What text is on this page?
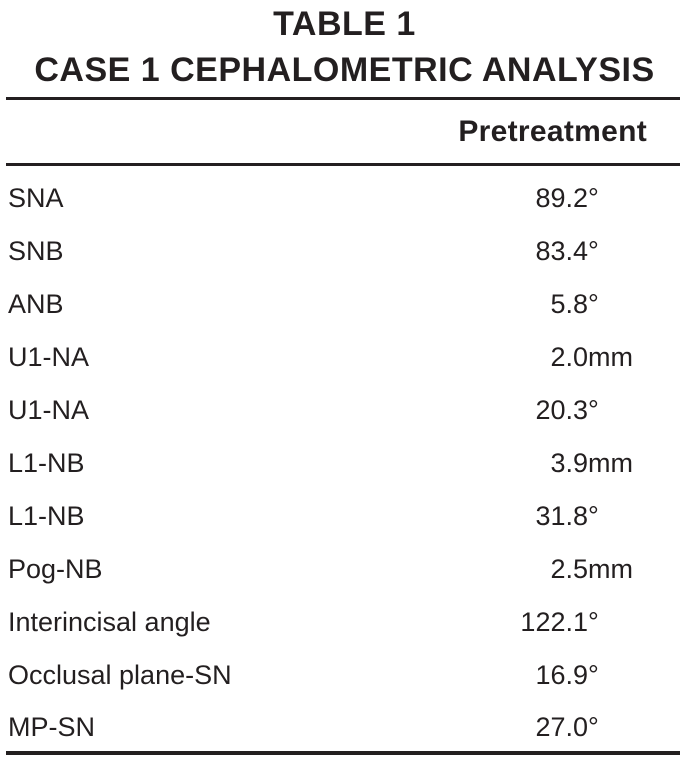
TABLE 1
CASE 1 CEPHALOMETRIC ANALYSIS
Pretreatment
SNA	89.2°
SNB	83.4°
ANB	5.8°
U1-NA	2.0mm
U1-NA	20.3°
L1-NB	3.9mm
L1-NB	31.8°
Pog-NB	2.5mm
Interincisal angle	122.1°
Occlusal plane-SN	16.9°
MP-SN	27.0°
